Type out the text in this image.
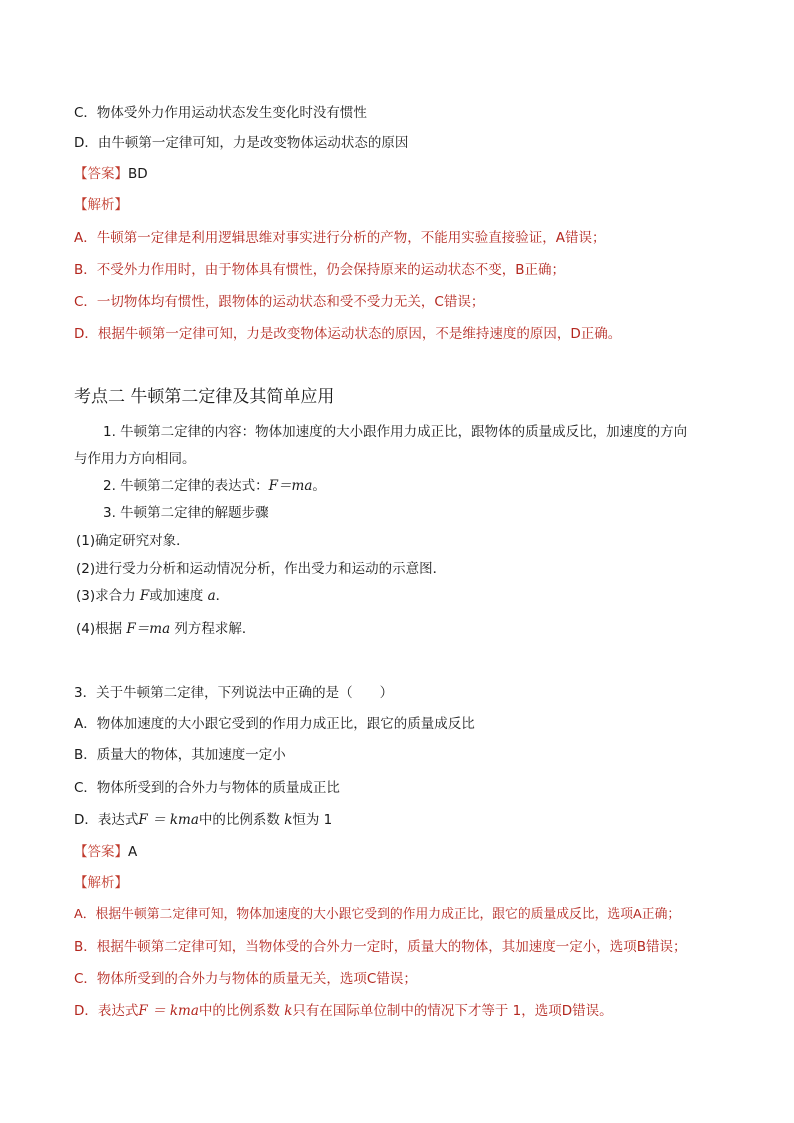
C．物体受外力作用运动状态发生变化时没有惯性
D．由牛顿第一定律可知，力是改变物体运动状态的原因
【答案】BD
【解析】
A．牛顿第一定律是利用逻辑思维对事实进行分析的产物，不能用实验直接验证，A错误；
B．不受外力作用时，由于物体具有惯性，仍会保持原来的运动状态不变，B正确；
C．一切物体均有惯性，跟物体的运动状态和受不受力无关，C错误；
D．根据牛顿第一定律可知，力是改变物体运动状态的原因，不是维持速度的原因，D正确。
考点二 牛顿第二定律及其简单应用
1. 牛顿第二定律的内容：物体加速度的大小跟作用力成正比，跟物体的质量成反比，加速度的方向
与作用力方向相同。
2. 牛顿第二定律的表达式：F＝ma。
3. 牛顿第二定律的解题步骤
(1)确定研究对象．
(2)进行受力分析和运动情况分析，作出受力和运动的示意图．
(3)求合力 F或加速度 a．
(4)根据 F＝ma 列方程求解．
3．关于牛顿第二定律，下列说法中正确的是（　　）
A．物体加速度的大小跟它受到的作用力成正比，跟它的质量成反比
B．质量大的物体，其加速度一定小
C．物体所受到的合外力与物体的质量成正比
D．表达式F ＝ kma中的比例系数 k恒为 1
【答案】A
【解析】
A．根据牛顿第二定律可知，物体加速度的大小跟它受到的作用力成正比，跟它的质量成反比，选项A正确；
B．根据牛顿第二定律可知，当物体受的合外力一定时，质量大的物体，其加速度一定小，选项B错误；
C．物体所受到的合外力与物体的质量无关，选项C错误；
D．表达式F ＝ kma中的比例系数 k只有在国际单位制中的情况下才等于 1，选项D错误。
